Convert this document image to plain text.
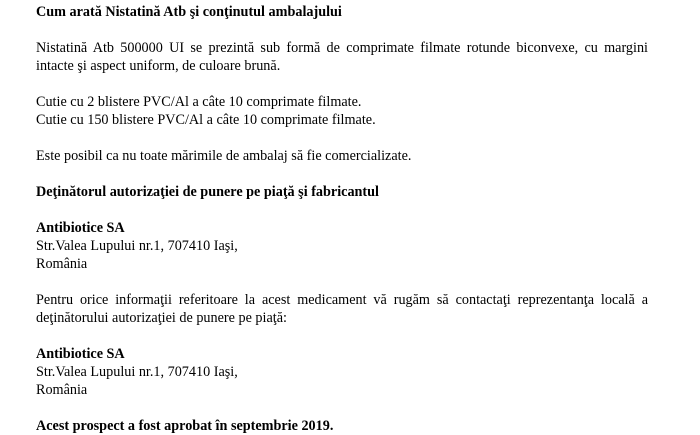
Cum arată Nistatină Atb şi conţinutul ambalajului

Nistatină Atb 500000 UI se prezintă sub formă de comprimate filmate rotunde biconvexe, cu margini

intacte şi aspect uniform, de culoare brună.

Cutie cu 2 blistere PVC/Al a câte 10 comprimate filmate.

Cutie cu 150 blistere PVC/Al a câte 10 comprimate filmate.

Este posibil ca nu toate mărimile de ambalaj să fie comercializate.

Deţinătorul autorizaţiei de punere pe piaţă şi fabricantul

Antibiotice SA

Str.Valea Lupului nr.1, 707410 Iaşi,

România

Pentru orice informaţii referitoare la acest medicament vă rugăm să contactaţi reprezentanţa locală a

deţinătorului autorizaţiei de punere pe piaţă:

Antibiotice SA

Str.Valea Lupului nr.1, 707410 Iaşi,

România

Acest prospect a fost aprobat în septembrie 2019.
